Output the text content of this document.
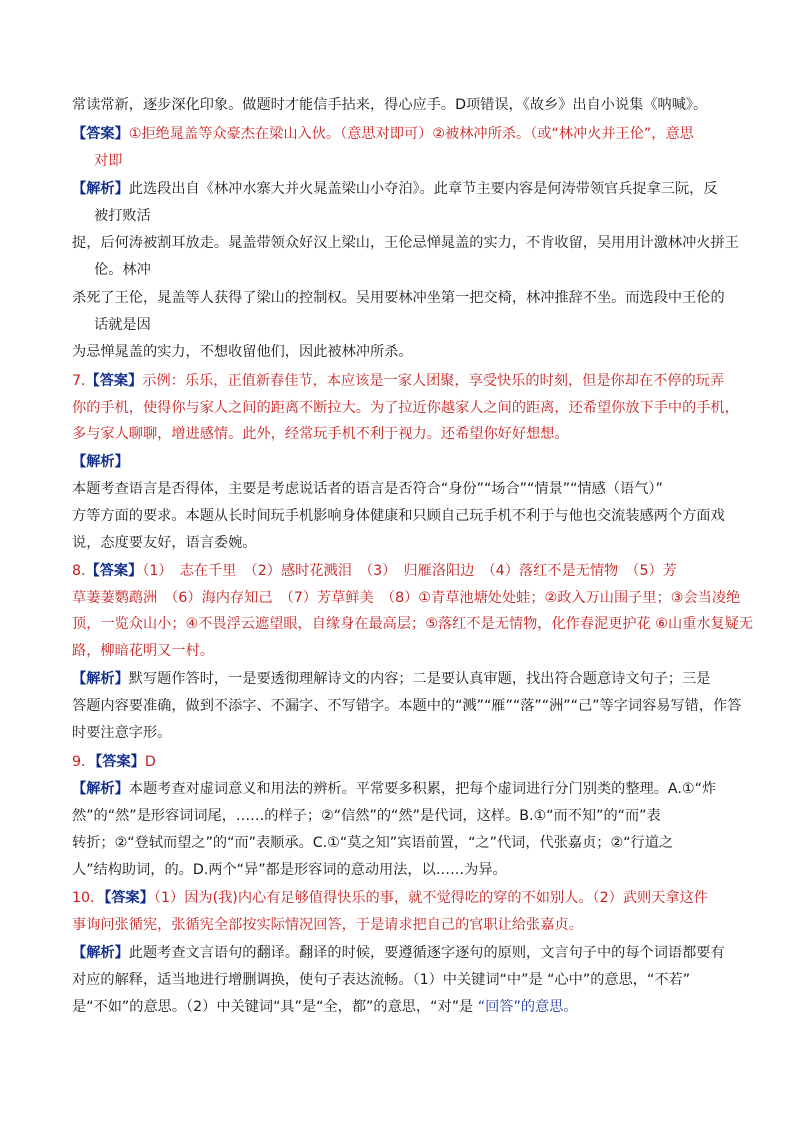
常读常新，逐步深化印象。做题时才能信手拈来，得心应手。D项错误，《故乡》出自小说集《呐喊》。
【答案】①拒绝晁盖等众豪杰在梁山入伙。（意思对即可）②被林冲所杀。（或“林冲火并王伦”，意思
对即
【解析】此选段出自《林冲水寨大并火晁盖梁山小夺泊》。此章节主要内容是何涛带领官兵捉拿三阮，反
被打败活
捉，后何涛被割耳放走。晁盖带领众好汉上梁山，王伦忌惮晁盖的实力，不肯收留，吴用用计激林冲火拼王
伦。林冲
杀死了王伦，晁盖等人获得了梁山的控制权。吴用要林冲坐第一把交椅，林冲推辞不坐。而选段中王伦的
话就是因
为忌惮晁盖的实力，不想收留他们，因此被林冲所杀。
7.【答案】示例：乐乐，正值新春佳节，本应该是一家人团聚，享受快乐的时刻，但是你却在不停的玩弄
你的手机，使得你与家人之间的距离不断拉大。为了拉近你越家人之间的距离，还希望你放下手中的手机，
多与家人聊聊，增进感情。此外，经常玩手机不利于视力。还希望你好好想想。
【解析】
本题考查语言是否得体，主要是考虑说话者的语言是否符合“身份”“场合”“情景”“情感（语气）”
方等方面的要求。本题从长时间玩手机影响身体健康和只顾自己玩手机不利于与他也交流装感两个方面戏
说，态度要友好，语言委婉。
8.【答案】（1）　志在千里　（2）感时花溅泪　（3）　归雁洛阳边　（4）落红不是无情物　（5）芳
草萋萋鹦鹉洲　（6）海内存知己　（7）芳草鲜美　（8）①青草池塘处处蛙；②政入万山围子里；③会当凌绝
顶，一览众山小；④不畏浮云遮望眼，自缘身在最高层；⑤落红不是无情物，化作春泥更护花 ⑥山重水复疑无
路，柳暗花明又一村。
【解析】默写题作答时，一是要透彻理解诗文的内容；二是要认真审题，找出符合题意诗文句子；三是
答题内容要准确，做到不添字、不漏字、不写错字。本题中的“溅”“雁”“落”“洲”“己”等字词容易写错，作答
时要注意字形。
9．【答案】D
【解析】本题考查对虚词意义和用法的辨析。平常要多积累，把每个虚词进行分门别类的整理。A.①“炸
然”的“然”是形容词词尾，……的样子；②“信然”的“然”是代词，这样。B.①“而不知”的“而”表
转折；②“登轼而望之”的“而”表顺承。C.①“莫之知”宾语前置，“之”代词，代张嘉贞；②“行道之
人”结构助词，的。D.两个“异”都是形容词的意动用法，以……为异。
10．【答案】（1）因为(我)内心有足够值得快乐的事，就不觉得吃的穿的不如别人。（2）武则天拿这件
事询问张循宪，张循宪全部按实际情况回答，于是请求把自己的官职让给张嘉贞。
【解析】此题考查文言语句的翻译。翻译的时候，要遵循逐字逐句的原则，文言句子中的每个词语都要有
对应的解释，适当地进行增删调换，使句子表达流畅。（1）中关键词“中”是 “心中”的意思，“不若”
是“不如”的意思。（2）中关键词“具”是“全，都”的意思，“对”是 “回答”的意思。
